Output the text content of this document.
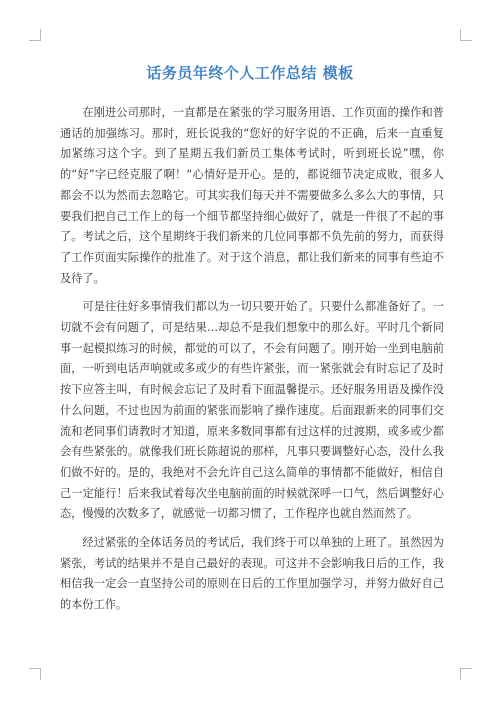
话务员年终个人工作总结 模板

在刚进公司那时，一直都是在紧张的学习服务用语、工作页面的操作和普通话的加强练习。那时，班长说我的“您好的好字说的不正确，后来一直重复加紧练习这个字。到了星期五我们新员工集体考试时，听到班长说”嘿，你的“好”字已经克服了啊！“心情好是开心。是的，都说细节决定成败，很多人都会不以为然而去忽略它。可其实我们每天并不需要做多么多么大的事情，只要我们把自己工作上的每一个细节都坚持细心做好了，就是一件很了不起的事了。考试之后，这个星期终于我们新来的几位同事都不负先前的努力，而获得了工作页面实际操作的批准了。对于这个消息，都让我们新来的同事有些迫不及待了。

可是往往好多事情我们都以为一切只要开始了。只要什么都准备好了。一切就不会有问题了，可是结果…却总不是我们想象中的那么好。平时几个新同事一起模拟练习的时候，都觉的可以了，不会有问题了。刚开始一坐到电脑前面，一听到电话声响就或多或少的有些许紧张，而一紧张就会有时忘记了及时按下应答主叫，有时候会忘记了及时看下面温馨提示。还好服务用语及操作没什么问题，不过也因为前面的紧张而影响了操作速度。后面跟新来的同事们交流和老同事们请教时才知道，原来多数同事都有过这样的过渡期，或多或少都会有些紧张的。就像我们班长陈超说的那样，凡事只要调整好心态，没什么我们做不好的。是的，我绝对不会允许自己这么简单的事情都不能做好，相信自己一定能行！后来我试着每次坐电脑前面的时候就深呼一口气，然后调整好心态，慢慢的次数多了，就感觉一切都习惯了，工作程序也就自然而然了。

经过紧张的全体话务员的考试后，我们终于可以单独的上班了。虽然因为紧张，考试的结果并不是自己最好的表现。可这并不会影响我日后的工作，我相信我一定会一直坚持公司的原则在日后的工作里加强学习，并努力做好自己的本份工作。
